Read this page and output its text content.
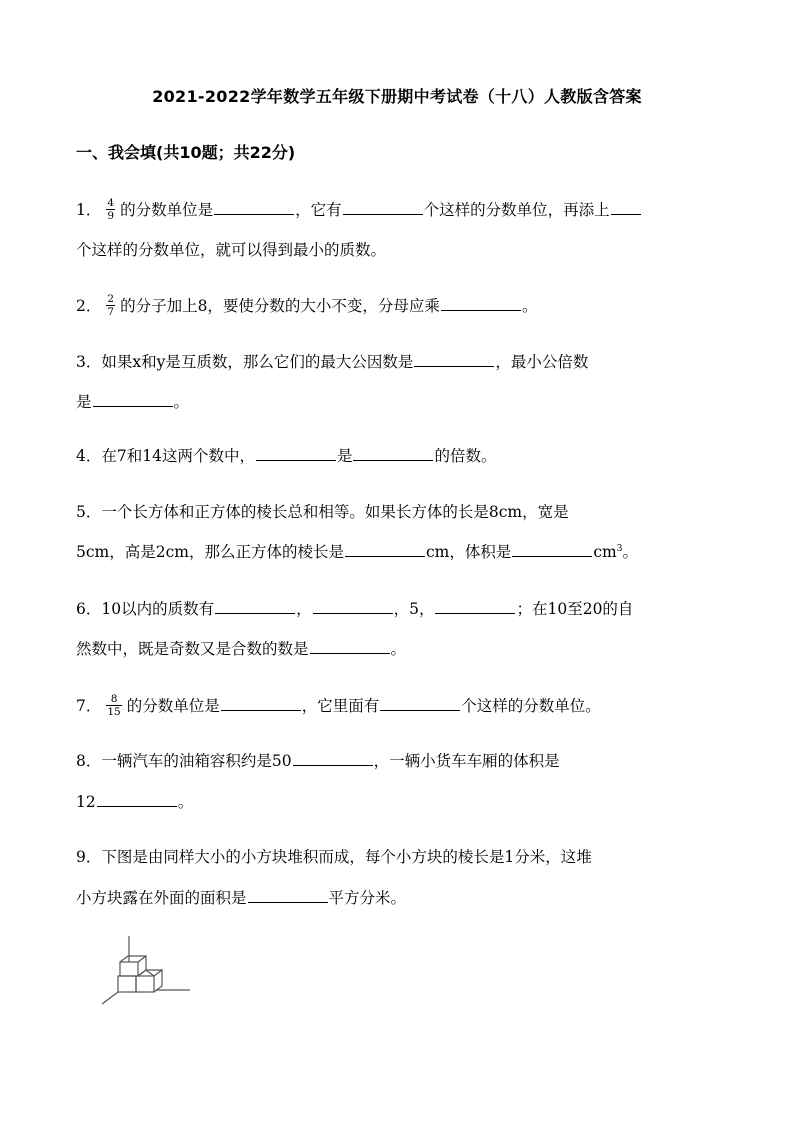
2021-2022学年数学五年级下册期中考试卷（十八）人教版含答案
一、我会填(共10题；共22分)
1． $\frac{4}{9}$ 的分数单位是	，它有	个这样的分数单位，再添上
个这样的分数单位，就可以得到最小的质数。
2． $\frac{2}{7}$ 的分子加上8，要使分数的大小不变，分母应乘	。
3．如果x和y是互质数，那么它们的最大公因数是	，最小公倍数
是	。
4．在7和14这两个数中，	是	的倍数。
5．一个长方体和正方体的棱长总和相等。如果长方体的长是8cm，宽是
5cm，高是2cm，那么正方体的棱长是	cm，体积是	$cm^3$。
6．10以内的质数有	，	，5，	；在10至20的自
然数中，既是奇数又是合数的数是	。
7． $\frac{8}{15}$ 的分数单位是	，它里面有	个这样的分数单位。
8．一辆汽车的油箱容积约是50	，一辆小货车车厢的体积是
12	。
9．下图是由同样大小的小方块堆积而成，每个小方块的棱长是1分米，这堆
小方块露在外面的面积是	平方分米。
